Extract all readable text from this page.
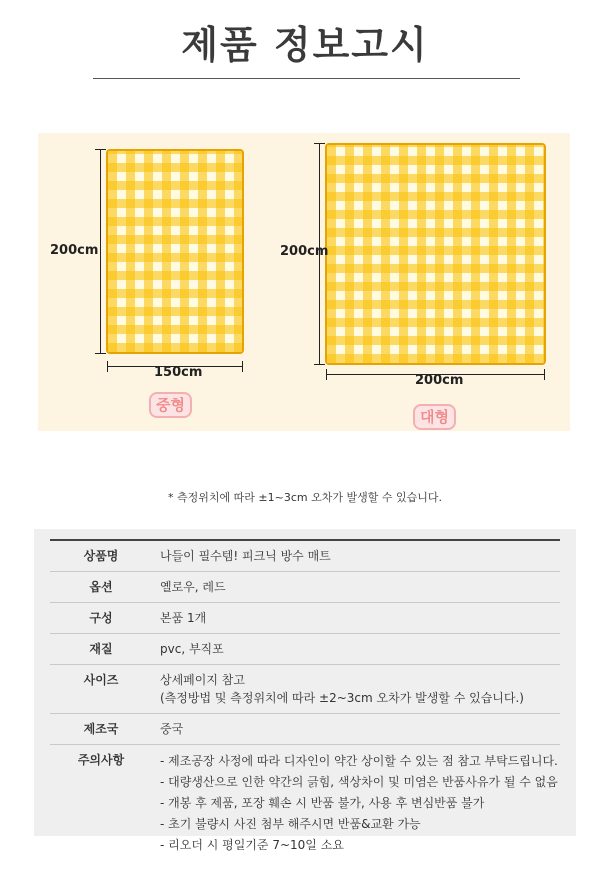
제품 정보고시
200cm
150cm
중형
200cm
200cm
대형
* 측정위치에 따라 ±1~3cm 오차가 발생할 수 있습니다.
상품명	나들이 필수템! 피크닉 방수 매트
옵션	옐로우, 레드
구성	본품 1개
재질	pvc, 부직포
사이즈	상세페이지 참고
(측정방법 및 측정위치에 따라 ±2~3cm 오차가 발생할 수 있습니다.)
제조국	중국
주의사항	- 제조공장 사정에 따라 디자인이 약간 상이할 수 있는 점 참고 부탁드립니다.
- 대량생산으로 인한 약간의 긁힘, 색상차이 및 미염은 반품사유가 될 수 없음
- 개봉 후 제품, 포장 훼손 시 반품 불가, 사용 후 변심반품 불가
- 초기 불량시 사진 첨부 해주시면 반품&교환 가능
- 리오더 시 평일기준 7~10일 소요
